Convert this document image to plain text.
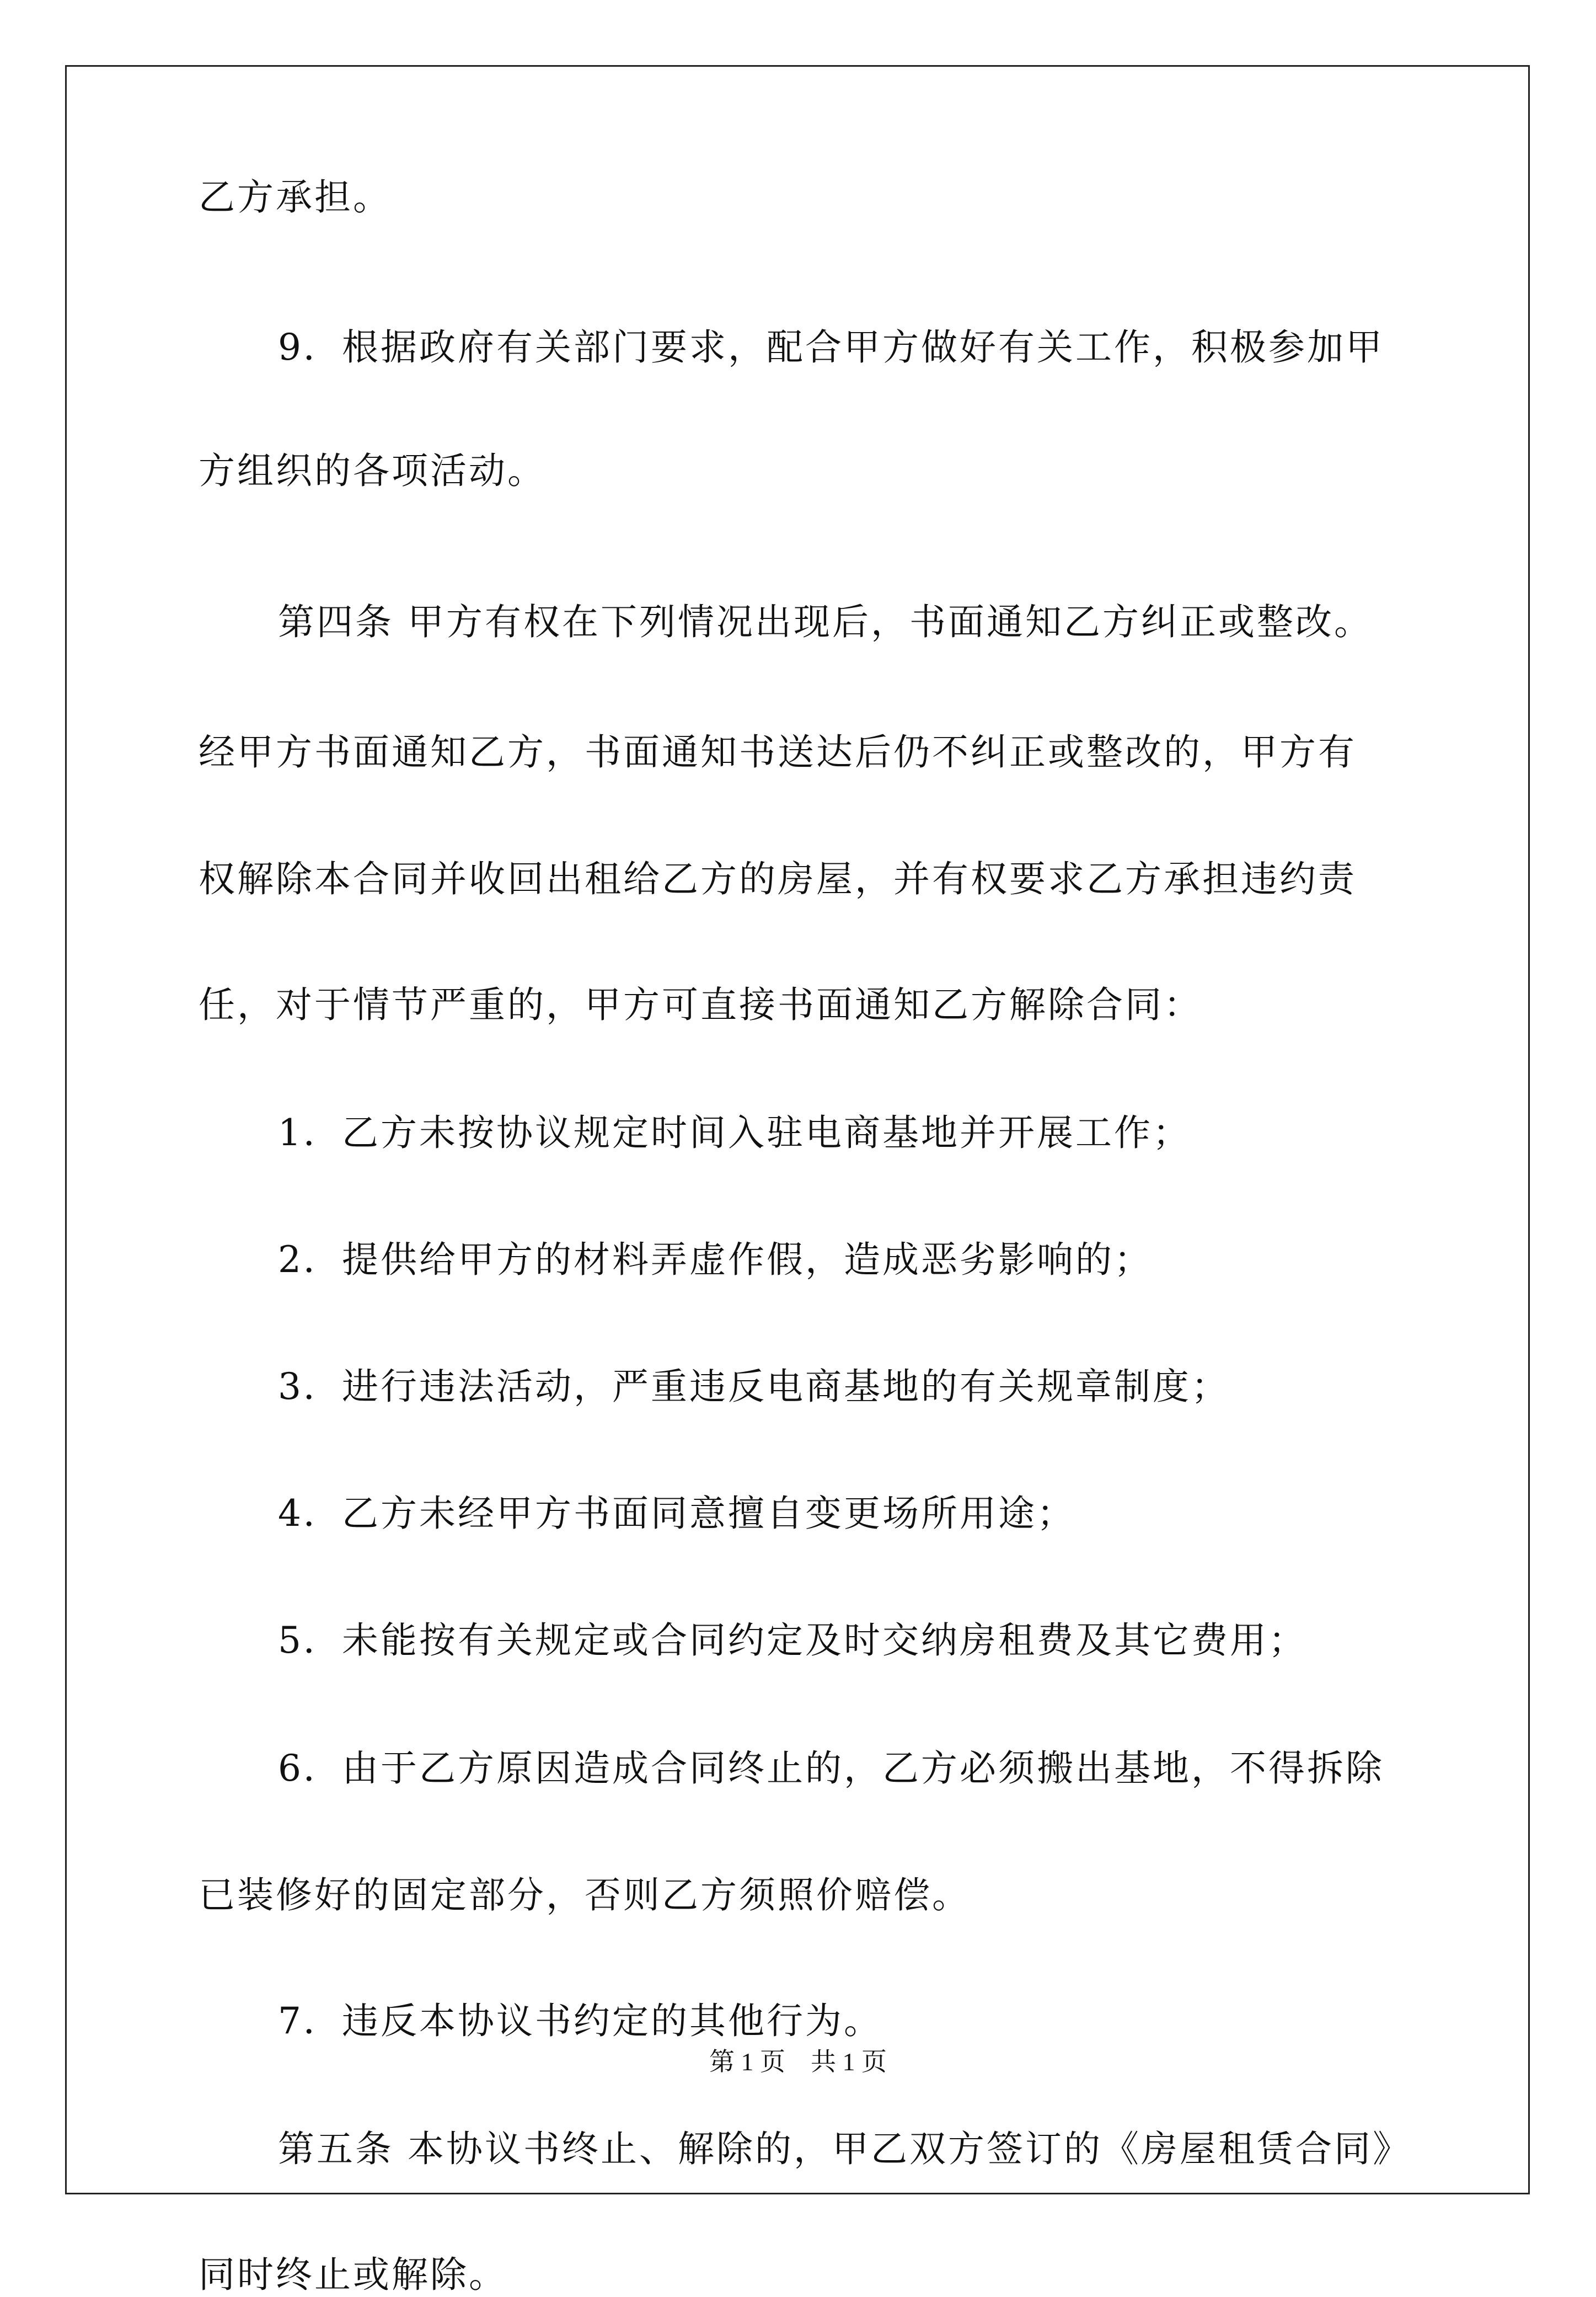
乙方承担。
9．根据政府有关部门要求，配合甲方做好有关工作，积极参加甲
方组织的各项活动。
第四条 甲方有权在下列情况出现后，书面通知乙方纠正或整改。
经甲方书面通知乙方，书面通知书送达后仍不纠正或整改的，甲方有
权解除本合同并收回出租给乙方的房屋，并有权要求乙方承担违约责
任，对于情节严重的，甲方可直接书面通知乙方解除合同：
1．乙方未按协议规定时间入驻电商基地并开展工作；
2．提供给甲方的材料弄虚作假，造成恶劣影响的；
3．进行违法活动，严重违反电商基地的有关规章制度；
4．乙方未经甲方书面同意擅自变更场所用途；
5．未能按有关规定或合同约定及时交纳房租费及其它费用；
6．由于乙方原因造成合同终止的，乙方必须搬出基地，不得拆除
已装修好的固定部分，否则乙方须照价赔偿。
7．违反本协议书约定的其他行为。
第五条 本协议书终止、解除的，甲乙双方签订的《房屋租赁合同》
同时终止或解除。
第 1 页　共 1 页
